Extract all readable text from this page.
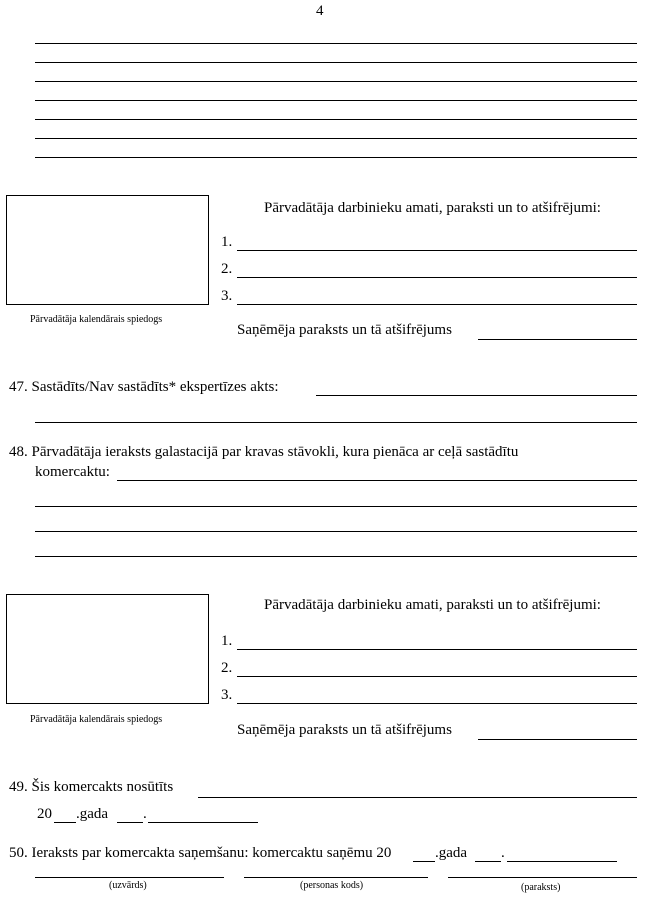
4
Pārvadātāja kalendārais spiedogs
Pārvadātāja darbinieku amati, paraksti un to atšifrējumi:
1.
2.
3.
Saņēmēja paraksts un tā atšifrējums
47. Sastādīts/Nav sastādīts* ekspertīzes akts:
48. Pārvadātāja ieraksts galastacijā par kravas stāvokli, kura pienāca ar ceļā sastādītu
komercaktu:
Pārvadātāja kalendārais spiedogs
Pārvadātāja darbinieku amati, paraksti un to atšifrējumi:
1.
2.
3.
Saņēmēja paraksts un tā atšifrējums
49. Šis komercakts nosūtīts
20 .gada .
50. Ieraksts par komercakta saņemšanu: komercaktu saņēmu 20	.gada .
(uzvārds)	(personas kods)	(paraksts)
